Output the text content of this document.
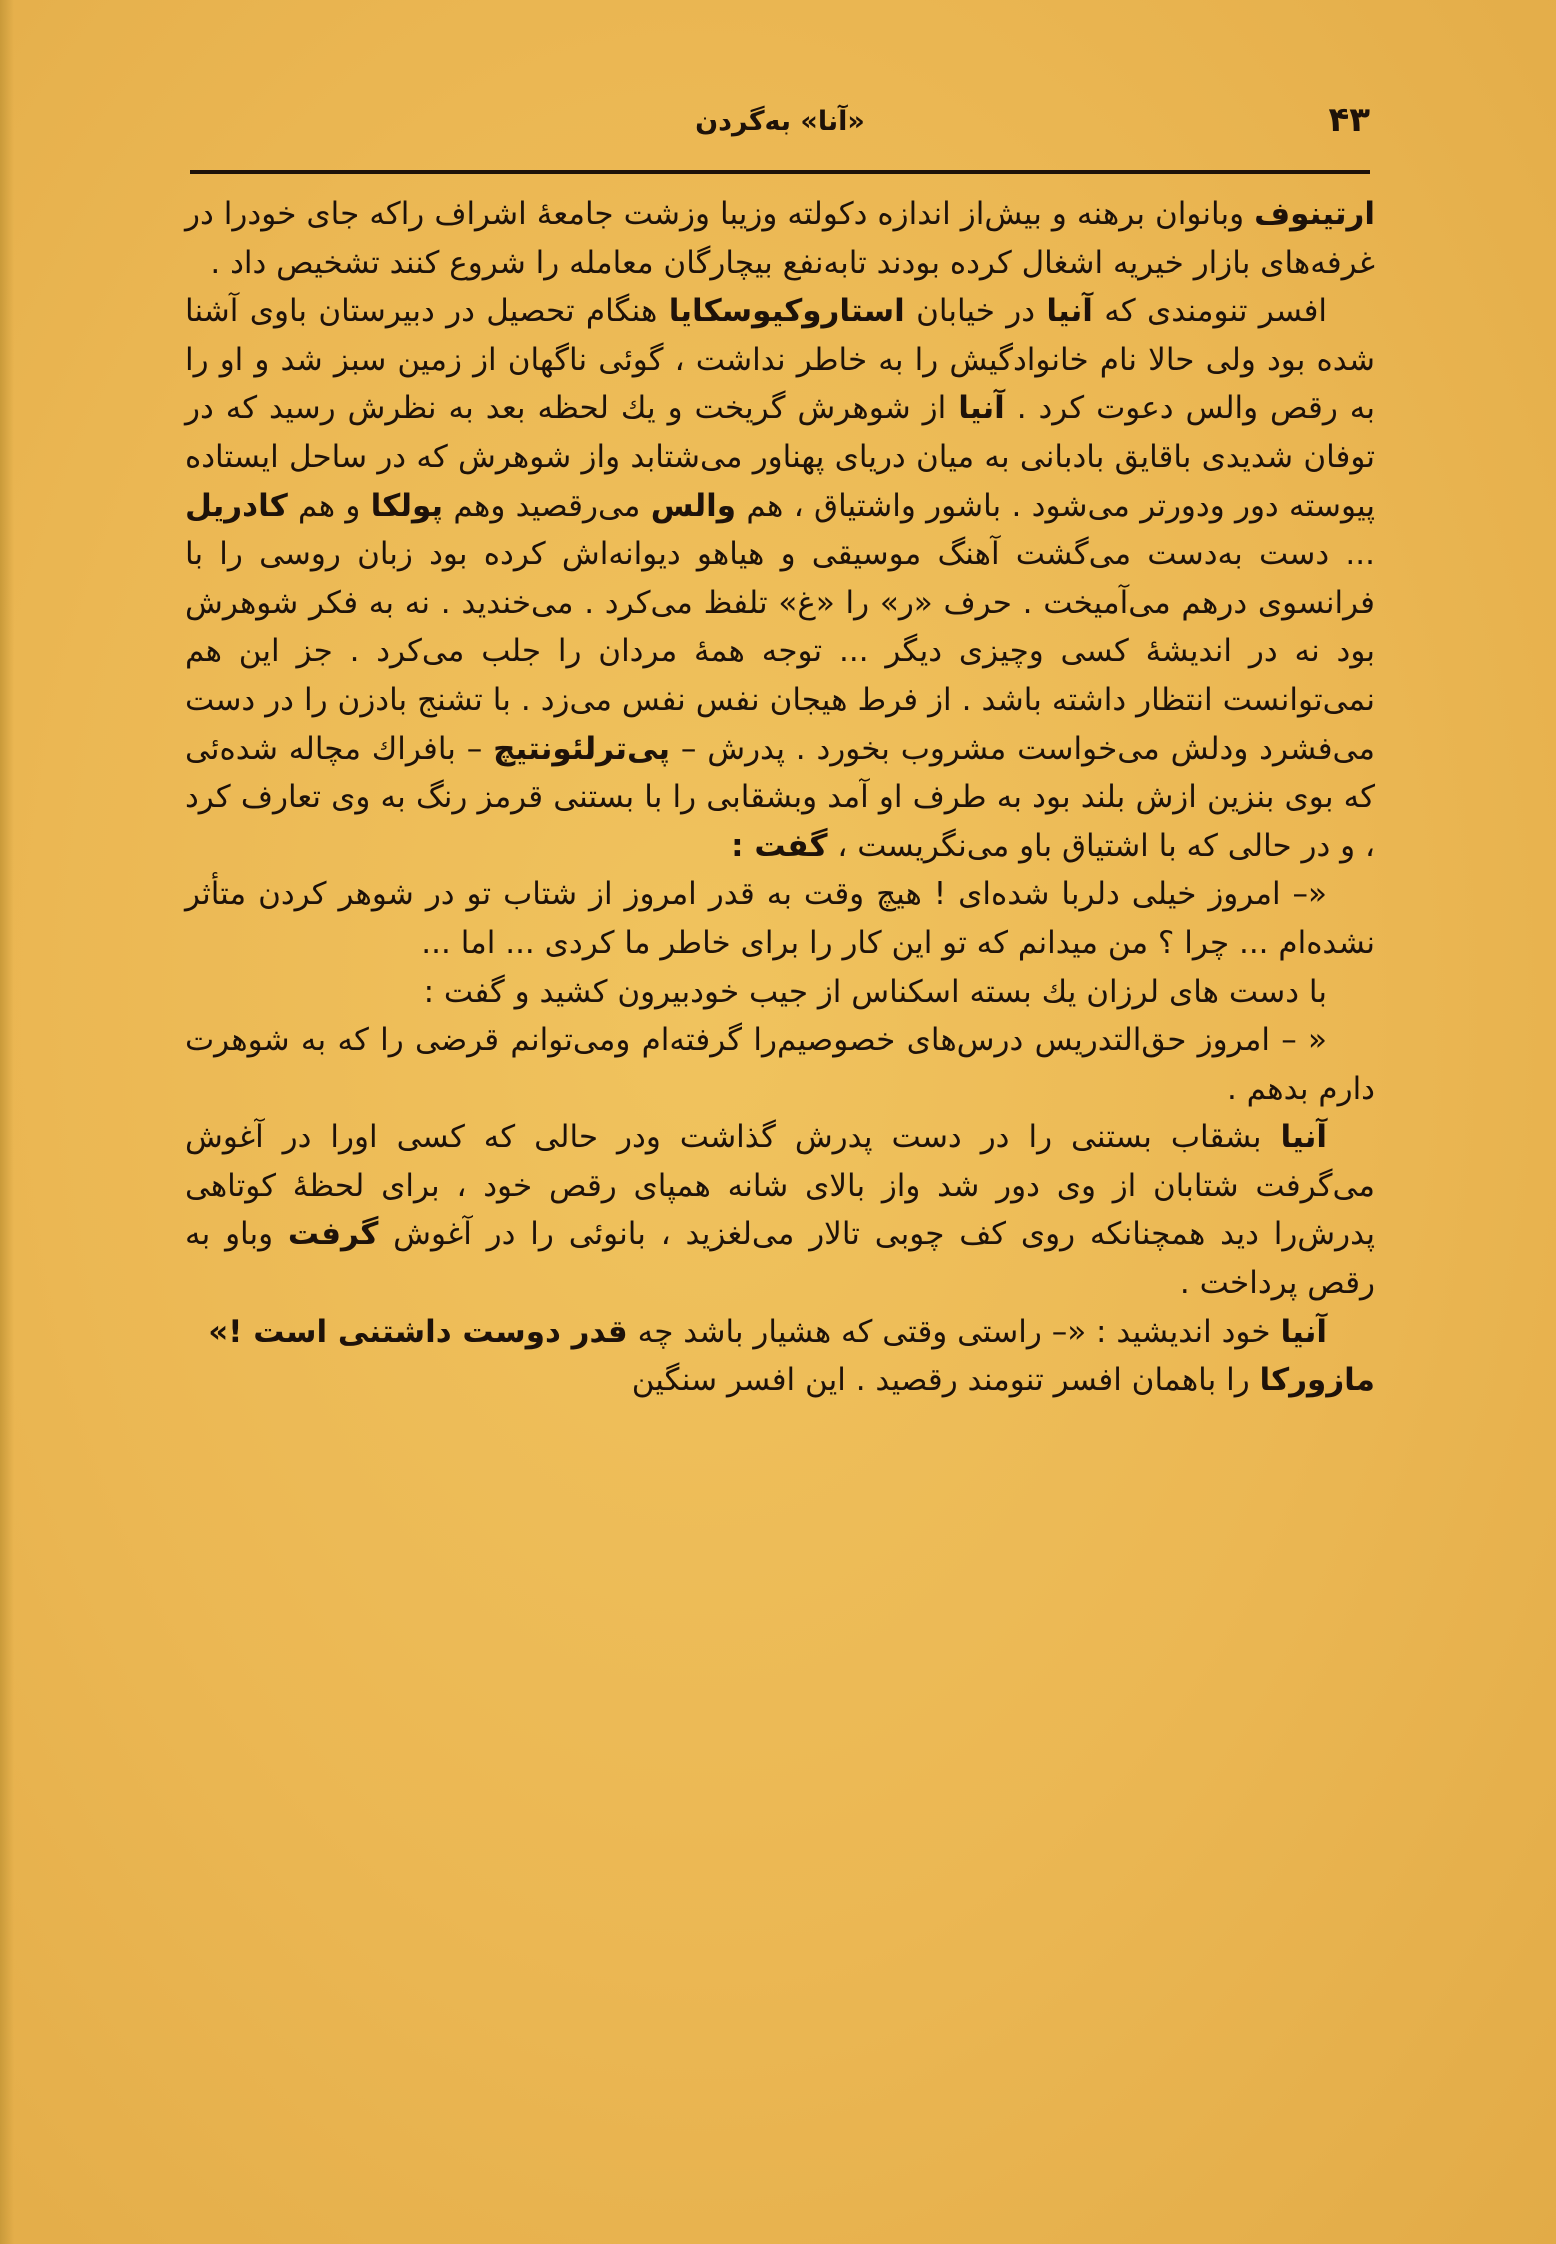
«آنا» به‌گردن	۴۳

ارتینوف وبانوان برهنه و بیش‌از اندازه دکولته وزیبا وزشت جامعهٔ اشراف راکه جای خودرا در غرفه‌های بازار خیریه اشغال کرده بودند تابه‌نفع بیچارگان معامله را شروع کنند تشخیص داد .

افسر تنومندی که آنیا در خیابان استاروکیوسکایا هنگام تحصیل در دبیرستان باوی آشنا شده بود ولی حالا نام خانوادگیش را به خاطر نداشت ، گوئی ناگهان از زمین سبز شد و او را به رقص والس دعوت کرد . آنیا از شوهرش گریخت و یك لحظه بعد به نظرش رسید که در توفان شدیدی باقایق بادبانی به میان دریای پهناور می‌شتابد واز شوهرش که در ساحل ایستاده پیوسته دور ودورتر می‌شود . باشور واشتیاق ، هم والس می‌رقصید وهم پولکا و هم کادریل ... دست به‌دست می‌گشت آهنگ موسیقی و هیاهو دیوانه‌اش کرده بود زبان روسی را با فرانسوی درهم می‌آمیخت . حرف «ر» را «غ» تلفظ می‌کرد . می‌خندید . نه به فکر شوهرش بود نه در اندیشهٔ کسی وچیزی دیگر ... توجه همهٔ مردان را جلب می‌کرد . جز این هم نمی‌توانست انتظار داشته باشد . از فرط هیجان نفس نفس می‌زد . با تشنج بادزن را در دست می‌فشرد ودلش می‌خواست مشروب بخورد . پدرش – پی‌ترلئونتیچ – بافراك مچاله شده‌ئی که بوی بنزین ازش بلند بود به طرف او آمد وبشقابی را با بستنی قرمز رنگ به وی تعارف کرد ، و در حالی که با اشتیاق باو می‌نگریست ، گفت :

«– امروز خیلی دلربا شده‌ای ! هیچ وقت به قدر امروز از شتاب تو در شوهر کردن متأثر نشده‌ام ... چرا ؟ من میدانم که تو این کار را برای خاطر ما کردی ... اما ...

با دست های لرزان یك بسته اسکناس از جیب خودبیرون کشید و گفت :

« – امروز حق‌التدریس درس‌های خصوصیم‌را گرفته‌ام ومی‌توانم قرضی را که به شوهرت دارم بدهم .

آنیا بشقاب بستنی را در دست پدرش گذاشت ودر حالی که کسی اورا در آغوش می‌گرفت شتابان از وی دور شد واز بالای شانه همپای رقص خود ، برای لحظهٔ کوتاهی پدرش‌را دید همچنانکه روی کف چوبی تالار می‌لغزید ، بانوئی را در آغوش گرفت وباو به رقص پرداخت .

آنیا خود اندیشید : «– راستی وقتی که هشیار باشد چه قدر دوست داشتنی است !»

مازورکا را باهمان افسر تنومند رقصید . این افسر سنگین
